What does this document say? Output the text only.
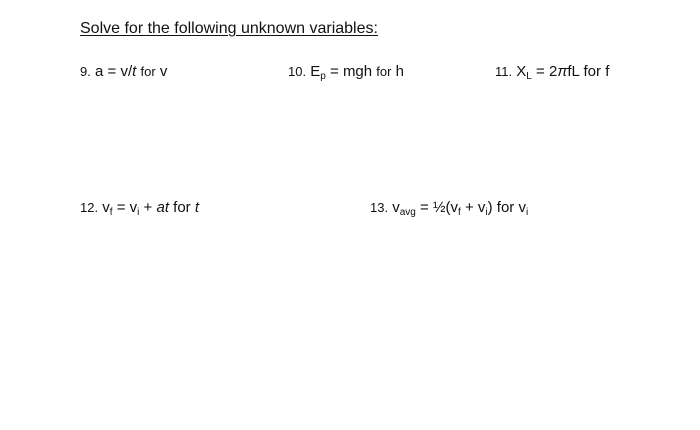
Solve for the following unknown variables:
9. a = v/t for v	10. $E_p$ = mgh for h	11. $X_L = 2\pi fL$ for f
12. $v_f = v_i$ + at for t	13. $v_{avg}$ = $\frac{1}{2}(v_f + v_i)$ for $v_i$
